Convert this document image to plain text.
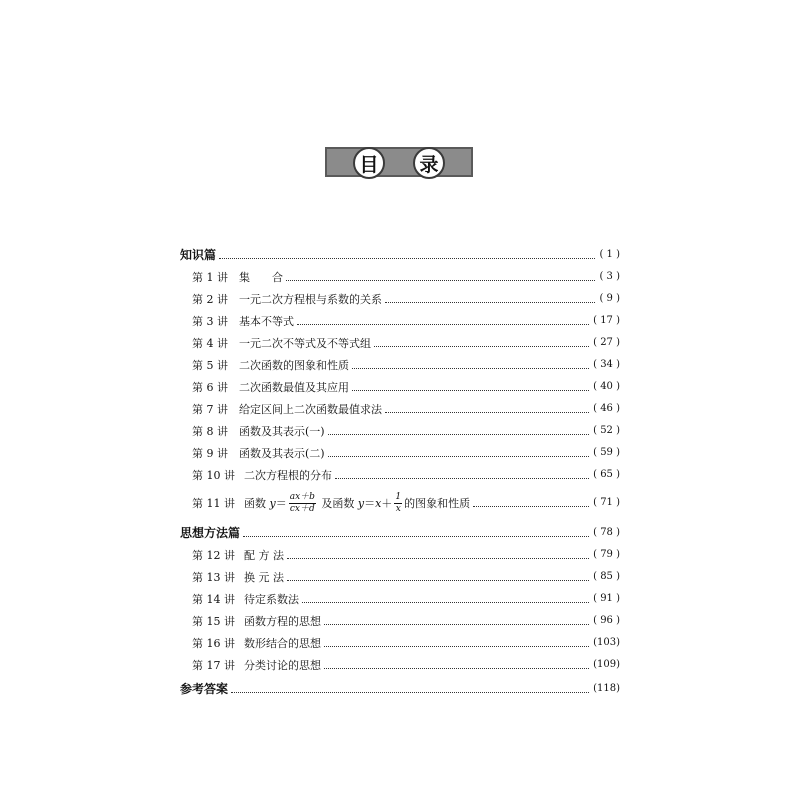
目	录
知识篇	( 1 )
第 1 讲	集　　合	( 3 )
第 2 讲	一元二次方程根与系数的关系	( 9 )
第 3 讲	基本不等式	( 17 )
第 4 讲	一元二次不等式及不等式组	( 27 )
第 5 讲	二次函数的图象和性质	( 34 )
第 6 讲	二次函数最值及其应用	( 40 )
第 7 讲	给定区间上二次函数最值求法	( 46 )
第 8 讲	函数及其表示(一)	( 52 )
第 9 讲	函数及其表示(二)	( 59 )
第 10 讲 二次方程根的分布	( 65 )
第 11 讲 函数 $y = \frac{ax+b}{cx+d}$ 及函数 $y = x + \frac{1}{x}$ 的图象和性质	( 71 )
思想方法篇	( 78 )
第 12 讲 配 方 法	( 79 )
第 13 讲 换 元 法	( 85 )
第 14 讲 待定系数法	( 91 )
第 15 讲 函数方程的思想	( 96 )
第 16 讲 数形结合的思想	(103)
第 17 讲 分类讨论的思想	(109)
参考答案	(118)
